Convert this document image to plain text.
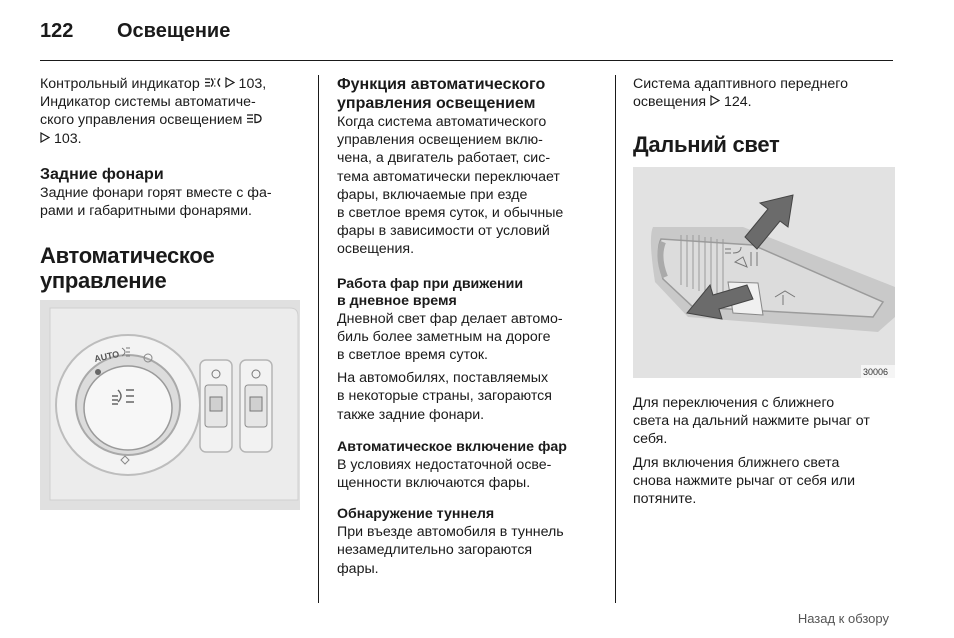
122 Освещение

Контрольный индикатор   103,
Индикатор системы автоматиче-
ского управления освещением
103.

Задние фонари

Задние фонари горят вместе с фа-
рами и габаритными фонарями.

Автоматическое
управление

AUTO

Функция автоматического
управления освещением

Когда система автоматического
управления освещением вклю-
чена, а двигатель работает, сис-
тема автоматически переключает
фары, включаемые при езде
в светлое время суток, и обычные
фары в зависимости от условий
освещения.

Работа фар при движении
в дневное время

Дневной свет фар делает автомо-
биль более заметным на дороге
в светлое время суток.

На автомобилях, поставляемых
в некоторые страны, загораются
также задние фонари.

Автоматическое включение фар

В условиях недостаточной осве-
щенности включаются фары.

Обнаружение туннеля

При въезде автомобиля в туннель
незамедлительно загораются
фары.

Система адаптивного переднего
освещения  124.

Дальний свет

30006

Для переключения с ближнего
света на дальний нажмите рычаг от
себя.

Для включения ближнего света
снова нажмите рычаг от себя или
потяните.

Назад к обзору
